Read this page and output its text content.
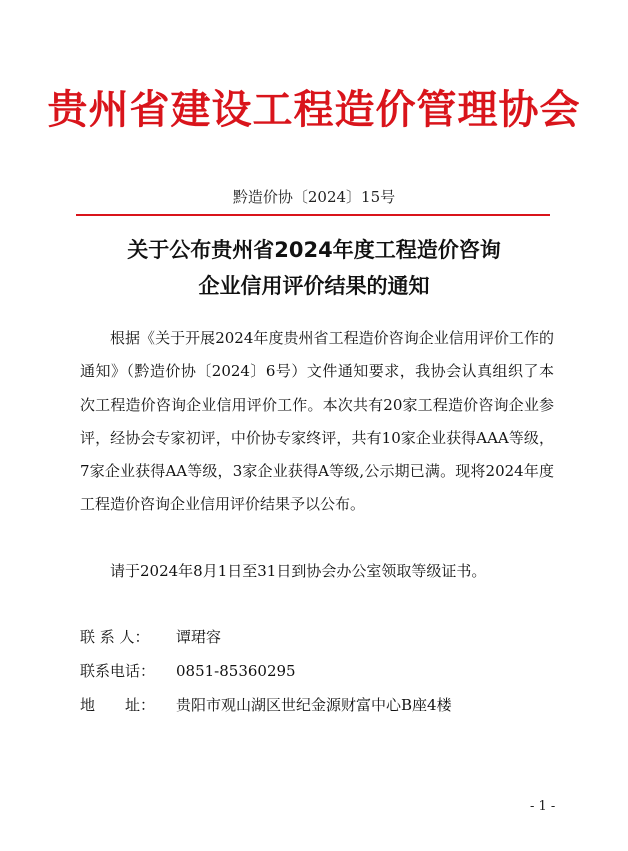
贵州省建设工程造价管理协会
黔造价协〔2024〕15号
关于公布贵州省2024年度工程造价咨询
企业信用评价结果的通知
根据《关于开展2024年度贵州省工程造价咨询企业信用评价工作的通知》（黔造价协〔2024〕6号）文件通知要求，我协会认真组织了本次工程造价咨询企业信用评价工作。本次共有20家工程造价咨询企业参评，经协会专家初评，中价协专家终评，共有10家企业获得AAA等级，7家企业获得AA等级，3家企业获得A等级,公示期已满。现将2024年度工程造价咨询企业信用评价结果予以公布。
请于2024年8月1日至31日到协会办公室领取等级证书。
联 系 人： 谭珺容
联系电话： 0851-85360295
地　　址： 贵阳市观山湖区世纪金源财富中心B座4楼
- 1 -
